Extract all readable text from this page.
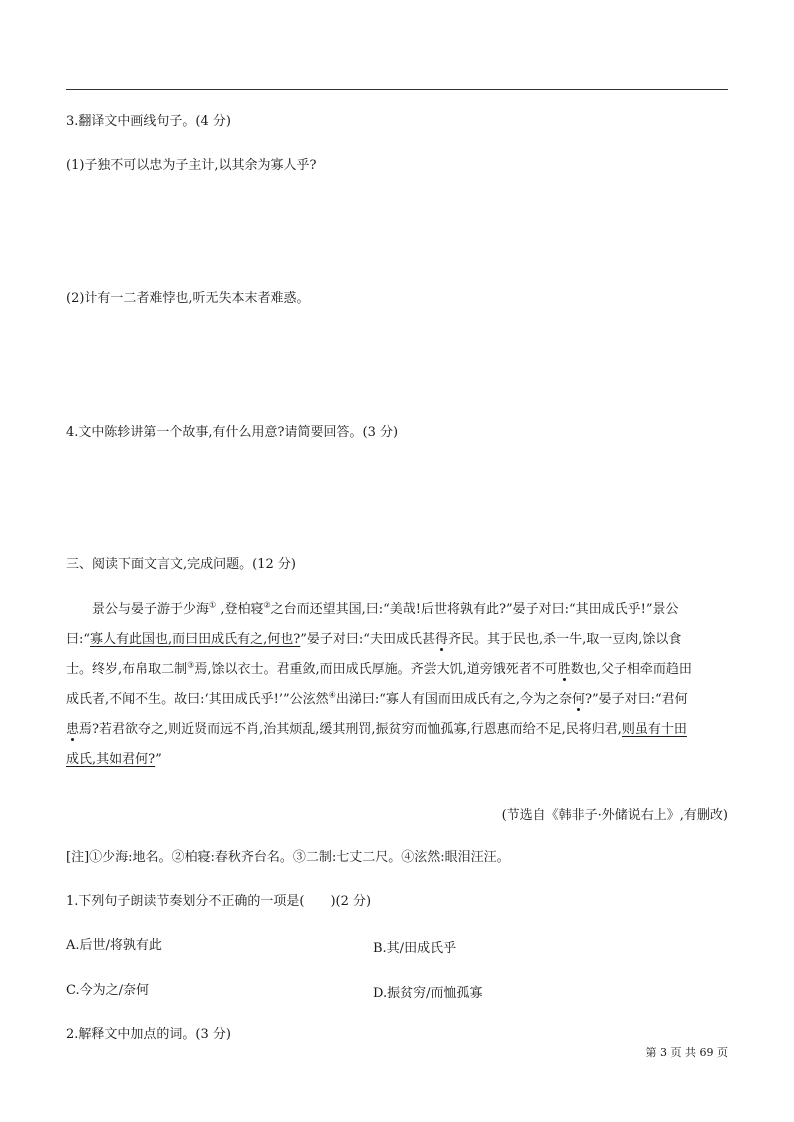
3.翻译文中画线句子。(4 分)
(1)子独不可以忠为子主计,以其余为寡人乎?
(2)计有一二者难悖也,听无失本末者难惑。
4.文中陈轸讲第一个故事,有什么用意?请简要回答。(3 分)
三、阅读下面文言文,完成问题。(12 分)
景公与晏子游于少海① ,登柏寝②之台而还望其国,曰:“美哉!后世将孰有此?”晏子对曰:“其田成氏乎!”景公
曰:“寡人有此国也,而曰田成氏有之,何也?”晏子对曰:“夫田成氏甚得齐民。其于民也,杀一牛,取一豆肉,馀以食
士。终岁,布帛取二制③焉,馀以衣士。君重敛,而田成氏厚施。齐尝大饥,道旁饿死者不可胜数也,父子相牵而趋田
成氏者,不闻不生。故曰:‘其田成氏乎!’”公泫然④出涕曰:“寡人有国而田成氏有之,今为之奈何?”晏子对曰:“君何
患焉?若君欲夺之,则近贤而远不肖,治其烦乱,缓其刑罚,振贫穷而恤孤寡,行恩惠而给不足,民将归君,则虽有十田
成氏,其如君何?”
(节选自《韩非子·外储说右上》,有删改)
[注]①少海:地名。②柏寝:春秋齐台名。③二制:七丈二尺。④泫然:眼泪汪汪。
1.下列句子朗读节奏划分不正确的一项是(　　)(2 分)
A.后世/将孰有此	B.其/田成氏乎
C.今为之/奈何	D.振贫穷/而恤孤寡
2.解释文中加点的词。(3 分)
第 3 页 共 69 页
